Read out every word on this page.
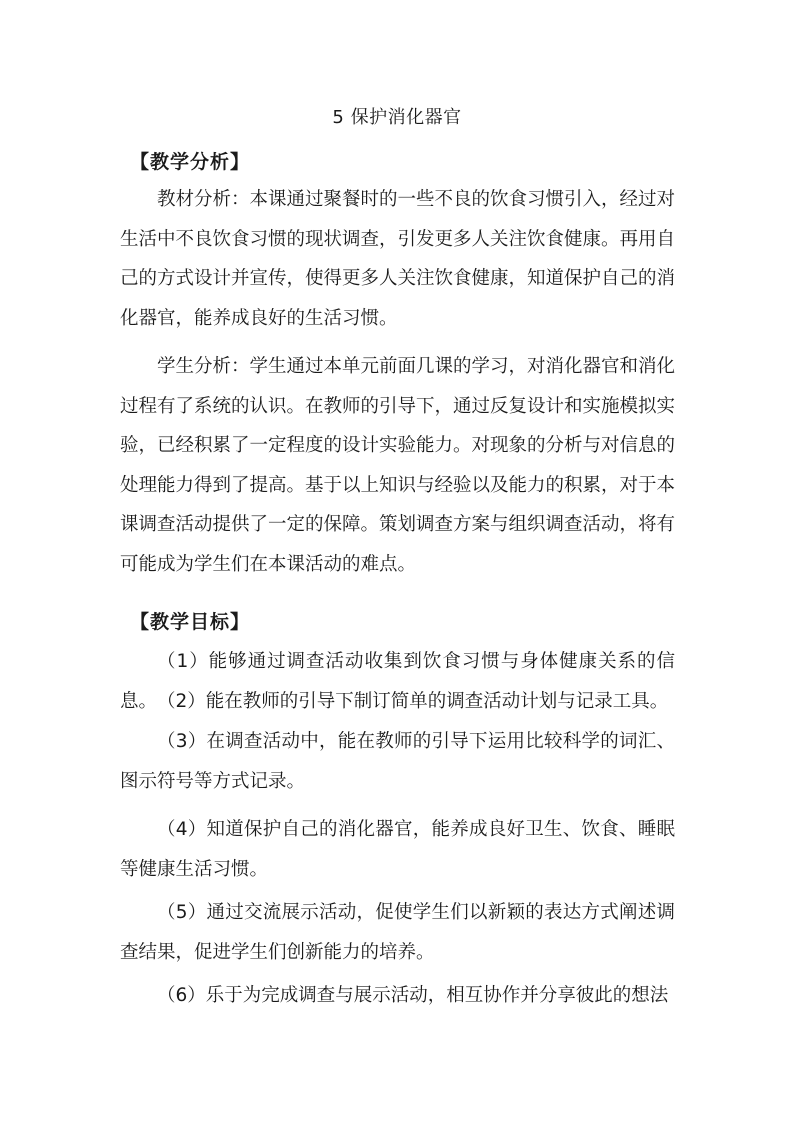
5 保护消化器官
【教学分析】

教材分析：本课通过聚餐时的一些不良的饮食习惯引入，经过对生活中不良饮食习惯的现状调查，引发更多人关注饮食健康。再用自己的方式设计并宣传，使得更多人关注饮食健康，知道保护自己的消化器官，能养成良好的生活习惯。

学生分析：学生通过本单元前面几课的学习，对消化器官和消化过程有了系统的认识。在教师的引导下，通过反复设计和实施模拟实验，已经积累了一定程度的设计实验能力。对现象的分析与对信息的处理能力得到了提高。基于以上知识与经验以及能力的积累，对于本课调查活动提供了一定的保障。策划调查方案与组织调查活动，将有可能成为学生们在本课活动的难点。

【教学目标】

（1）能够通过调查活动收集到饮食习惯与身体健康关系的信息。 （2）能在教师的引导下制订简单的调查活动计划与记录工具。

（3）在调查活动中，能在教师的引导下运用比较科学的词汇、图示符号等方式记录。

（4）知道保护自己的消化器官，能养成良好卫生、饮食、睡眠等健康生活习惯。

（5）通过交流展示活动，促使学生们以新颖的表达方式阐述调查结果，促进学生们创新能力的培养。

（6）乐于为完成调查与展示活动，相互协作并分享彼此的想法
